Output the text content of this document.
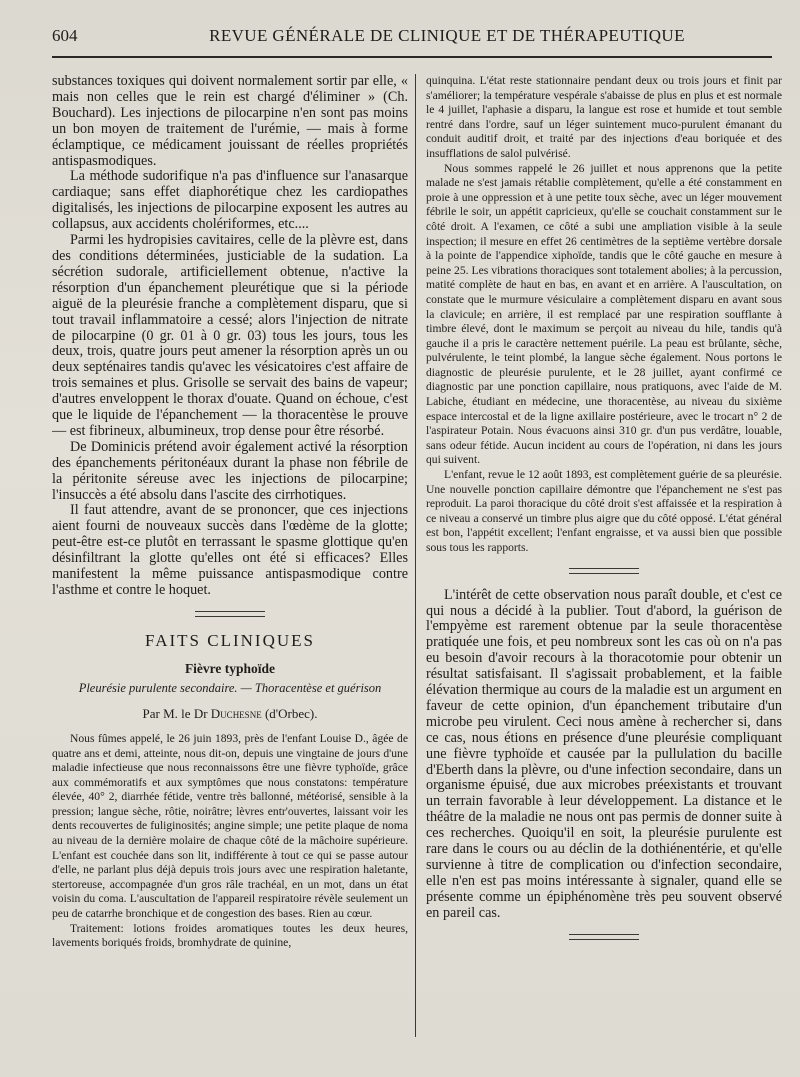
604	REVUE GÉNÉRALE DE CLINIQUE ET DE THÉRAPEUTIQUE

substances toxiques qui doivent normalement sortir par elle, « mais non celles que le rein est chargé d'éliminer » (Ch. Bouchard). Les injections de pilocarpine n'en sont pas moins un bon moyen de traitement de l'urémie, — mais à forme éclamptique, ce médicament jouissant de réelles propriétés antispasmodiques.

La méthode sudorifique n'a pas d'influence sur l'anasarque cardiaque; sans effet diaphorétique chez les cardiopathes digitalisés, les injections de pilocarpine exposent les autres au collapsus, aux accidents cholériformes, etc....

Parmi les hydropisies cavitaires, celle de la plèvre est, dans des conditions déterminées, justiciable de la sudation. La sécrétion sudorale, artificiellement obtenue, n'active la résorption d'un épanchement pleurétique que si la période aiguë de la pleurésie franche a complètement disparu, que si tout travail inflammatoire a cessé; alors l'injection de nitrate de pilocarpine (0 gr. 01 à 0 gr. 03) tous les jours, tous les deux, trois, quatre jours peut amener la résorption après un ou deux septénaires tandis qu'avec les vésicatoires c'est affaire de trois semaines et plus. Grisolle se servait des bains de vapeur; d'autres enveloppent le thorax d'ouate. Quand on échoue, c'est que le liquide de l'épanchement — la thoracentèse le prouve — est fibrineux, albumineux, trop dense pour être résorbé.

De Dominicis prétend avoir également activé la résorption des épanchements péritonéaux durant la phase non fébrile de la péritonite séreuse avec les injections de pilocarpine; l'insuccès a été absolu dans l'ascite des cirrhotiques.

Il faut attendre, avant de se prononcer, que ces injections aient fourni de nouveaux succès dans l'œdème de la glotte; peut-être est-ce plutôt en terrassant le spasme glottique qu'en désinfiltrant la glotte qu'elles ont été si efficaces? Elles manifestent la même puissance antispasmodique contre l'asthme et contre le hoquet.

FAITS CLINIQUES
Fièvre typhoïde
Pleurésie purulente secondaire. — Thoracentèse et guérison
Par M. le Dr Duchesne (d'Orbec).

Nous fûmes appelé, le 26 juin 1893, près de l'enfant Louise D., âgée de quatre ans et demi, atteinte, nous dit-on, depuis une vingtaine de jours d'une maladie infectieuse que nous reconnaissons être une fièvre typhoïde, grâce aux commémoratifs et aux symptômes que nous constatons: température élevée, 40° 2, diarrhée fétide, ventre très ballonné, météorisé, sensible à la pression; langue sèche, rôtie, noirâtre; lèvres entr'ouvertes, laissant voir les dents recouvertes de fuliginosités; angine simple; une petite plaque de noma au niveau de la dernière molaire de chaque côté de la mâchoire supérieure. L'enfant est couchée dans son lit, indifférente à tout ce qui se passe autour d'elle, ne parlant plus déjà depuis trois jours avec une respiration haletante, stertoreuse, accompagnée d'un gros râle trachéal, en un mot, dans un état voisin du coma. L'auscultation de l'appareil respiratoire révèle seulement un peu de catarrhe bronchique et de congestion des bases. Rien au cœur.

Traitement: lotions froides aromatiques toutes les deux heures, lavements boriqués froids, bromhydrate de quinine,

quinquina. L'état reste stationnaire pendant deux ou trois jours et finit par s'améliorer; la température vespérale s'abaisse de plus en plus et est normale le 4 juillet, l'aphasie a disparu, la langue est rose et humide et tout semble rentré dans l'ordre, sauf un léger suintement muco-purulent émanant du conduit auditif droit, et traité par des injections d'eau boriquée et des insufflations de salol pulvérisé.

Nous sommes rappelé le 26 juillet et nous apprenons que la petite malade ne s'est jamais rétablie complètement, qu'elle a été constamment en proie à une oppression et à une petite toux sèche, avec un léger mouvement fébrile le soir, un appétit capricieux, qu'elle se couchait constamment sur le côté droit. A l'examen, ce côté a subi une ampliation visible à la seule inspection; il mesure en effet 26 centimètres de la septième vertèbre dorsale à la pointe de l'appendice xiphoïde, tandis que le côté gauche en mesure à peine 25. Les vibrations thoraciques sont totalement abolies; à la percussion, matité complète de haut en bas, en avant et en arrière. A l'auscultation, on constate que le murmure vésiculaire a complètement disparu en avant sous la clavicule; en arrière, il est remplacé par une respiration soufflante à timbre élevé, dont le maximum se perçoit au niveau du hile, tandis qu'à gauche il a pris le caractère nettement puérile. La peau est brûlante, sèche, pulvérulente, le teint plombé, la langue sèche également. Nous portons le diagnostic de pleurésie purulente, et le 28 juillet, ayant confirmé ce diagnostic par une ponction capillaire, nous pratiquons, avec l'aide de M. Labiche, étudiant en médecine, une thoracentèse, au niveau du sixième espace intercostal et de la ligne axillaire postérieure, avec le trocart n° 2 de l'aspirateur Potain. Nous évacuons ainsi 310 gr. d'un pus verdâtre, louable, sans odeur fétide. Aucun incident au cours de l'opération, ni dans les jours qui suivent.

L'enfant, revue le 12 août 1893, est complètement guérie de sa pleurésie. Une nouvelle ponction capillaire démontre que l'épanchement ne s'est pas reproduit. La paroi thoracique du côté droit s'est affaissée et la respiration à ce niveau a conservé un timbre plus aigre que du côté opposé. L'état général est bon, l'appétit excellent; l'enfant engraisse, et va aussi bien que possible sous tous les rapports.

L'intérêt de cette observation nous paraît double, et c'est ce qui nous a décidé à la publier. Tout d'abord, la guérison de l'empyème est rarement obtenue par la seule thoracentèse pratiquée une fois, et peu nombreux sont les cas où on n'a pas eu besoin d'avoir recours à la thoracotomie pour obtenir un résultat satisfaisant. Il s'agissait probablement, et la faible élévation thermique au cours de la maladie est un argument en faveur de cette opinion, d'un épanchement tributaire d'un microbe peu virulent. Ceci nous amène à rechercher si, dans ce cas, nous étions en présence d'une pleurésie compliquant une fièvre typhoïde et causée par la pullulation du bacille d'Eberth dans la plèvre, ou d'une infection secondaire, dans un organisme épuisé, due aux microbes préexistants et trouvant un terrain favorable à leur développement. La distance et le théâtre de la maladie ne nous ont pas permis de donner suite à ces recherches. Quoiqu'il en soit, la pleurésie purulente est rare dans le cours ou au déclin de la dothiénentérie, et qu'elle survienne à titre de complication ou d'infection secondaire, elle n'en est pas moins intéressante à signaler, quand elle se présente comme un épiphénomène très peu souvent observé en pareil cas.
